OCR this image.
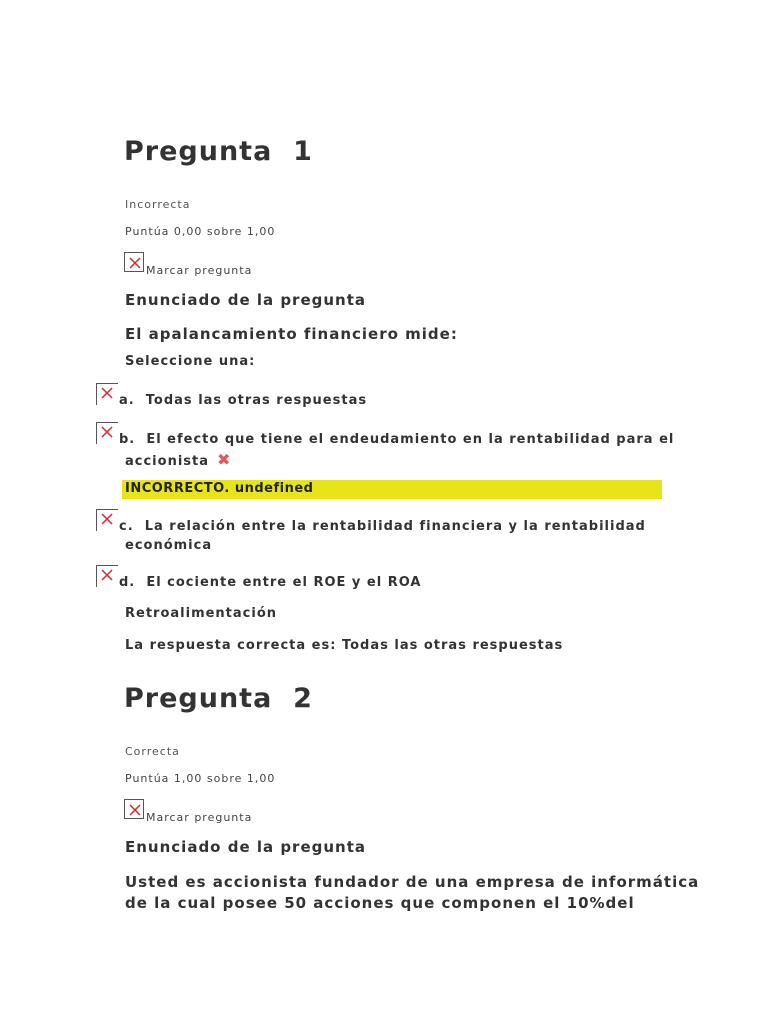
Pregunta  1
Incorrecta
Puntúa 0,00 sobre 1,00
Marcar pregunta
Enunciado de la pregunta
El apalancamiento financiero mide:
Seleccione una:
a. Todas las otras respuestas
b. El efecto que tiene el endeudamiento en la rentabilidad para el
accionista ✖
INCORRECTO. undefined
c. La relación entre la rentabilidad financiera y la rentabilidad
económica
d. El cociente entre el ROE y el ROA
Retroalimentación
La respuesta correcta es: Todas las otras respuestas
Pregunta  2
Correcta
Puntúa 1,00 sobre 1,00
Marcar pregunta
Enunciado de la pregunta
Usted es accionista fundador de una empresa de informática
de la cual posee 50 acciones que componen el 10%del
